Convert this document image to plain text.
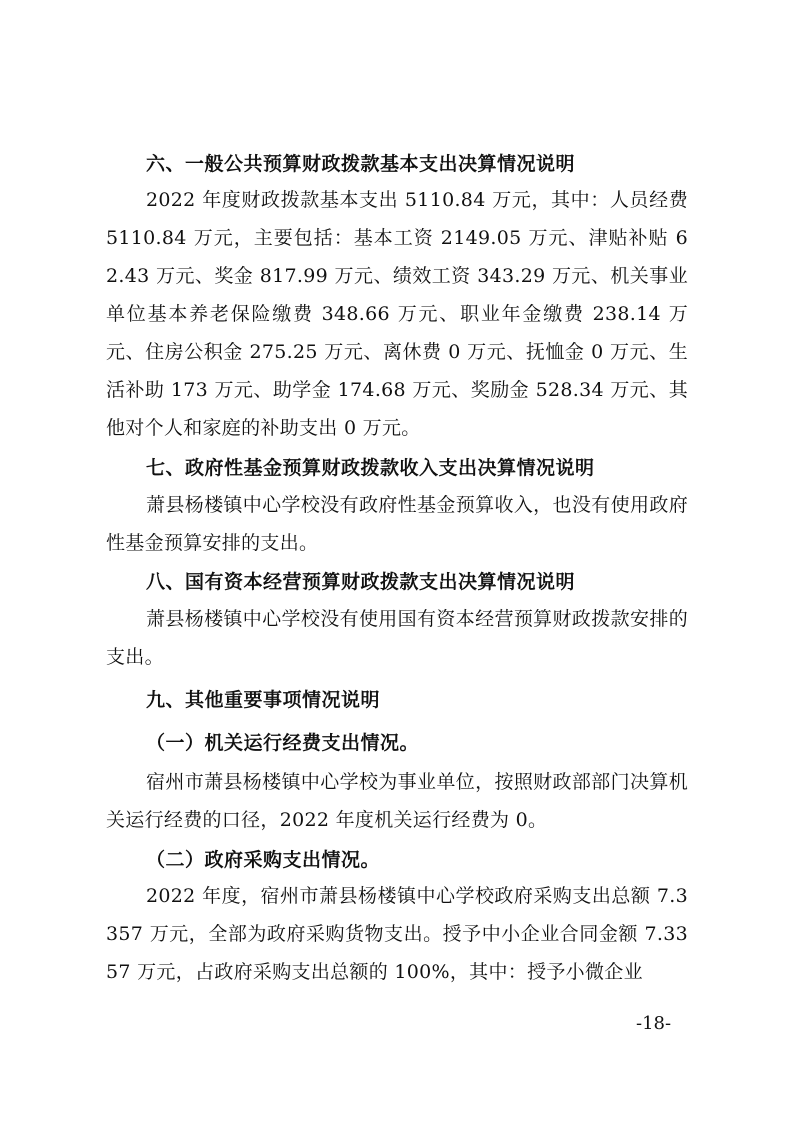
六、一般公共预算财政拨款基本支出决算情况说明
2022 年度财政拨款基本支出 5110.84 万元，其中：人员经费 5110.84 万元，主要包括：基本工资 2149.05 万元、津贴补贴 62.43 万元、奖金 817.99 万元、绩效工资 343.29 万元、机关事业单位基本养老保险缴费 348.66 万元、职业年金缴费 238.14 万元、住房公积金 275.25 万元、离休费 0 万元、抚恤金 0 万元、生活补助 173 万元、助学金 174.68 万元、奖励金 528.34 万元、其他对个人和家庭的补助支出 0 万元。
七、政府性基金预算财政拨款收入支出决算情况说明
萧县杨楼镇中心学校没有政府性基金预算收入，也没有使用政府性基金预算安排的支出。
八、国有资本经营预算财政拨款支出决算情况说明
萧县杨楼镇中心学校没有使用国有资本经营预算财政拨款安排的支出。
九、其他重要事项情况说明
（一）机关运行经费支出情况。
宿州市萧县杨楼镇中心学校为事业单位，按照财政部部门决算机关运行经费的口径，2022 年度机关运行经费为 0。
（二）政府采购支出情况。
2022 年度，宿州市萧县杨楼镇中心学校政府采购支出总额 7.3357 万元，全部为政府采购货物支出。授予中小企业合同金额 7.3357 万元，占政府采购支出总额的 100%，其中：授予小微企业
-18-
